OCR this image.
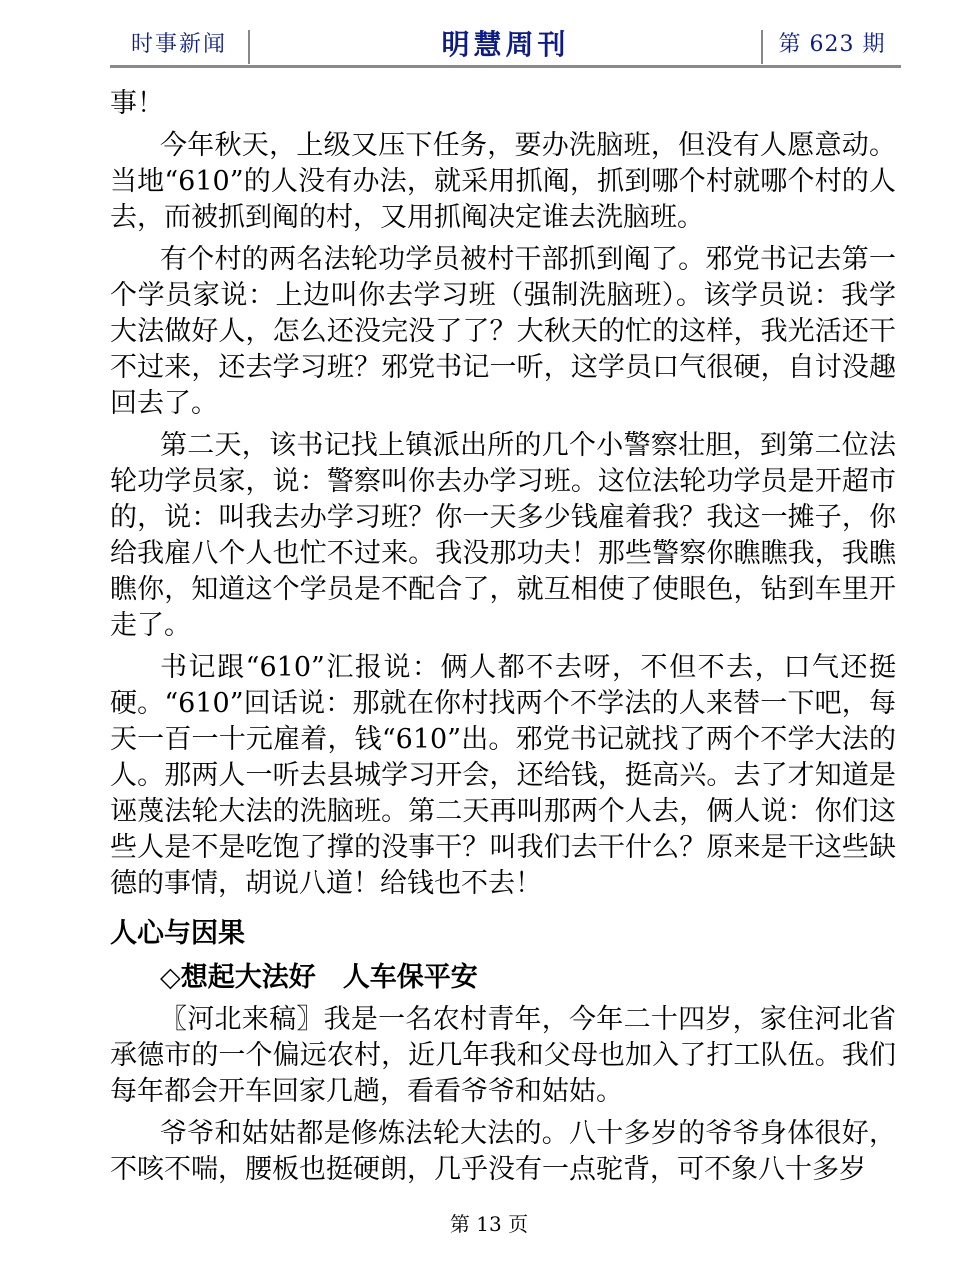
时事新闻	明慧周刊	第 623 期

事！

今年秋天，上级又压下任务，要办洗脑班，但没有人愿意动。当地“610”的人没有办法，就采用抓阄，抓到哪个村就哪个村的人去，而被抓到阄的村，又用抓阄决定谁去洗脑班。

有个村的两名法轮功学员被村干部抓到阄了。邪党书记去第一个学员家说：上边叫你去学习班（强制洗脑班）。该学员说：我学大法做好人，怎么还没完没了了？大秋天的忙的这样，我光活还干不过来，还去学习班？邪党书记一听，这学员口气很硬，自讨没趣回去了。

第二天，该书记找上镇派出所的几个小警察壮胆，到第二位法轮功学员家，说：警察叫你去办学习班。这位法轮功学员是开超市的，说：叫我去办学习班？你一天多少钱雇着我？我这一摊子，你给我雇八个人也忙不过来。我没那功夫！那些警察你瞧瞧我，我瞧瞧你，知道这个学员是不配合了，就互相使了使眼色，钻到车里开走了。

书记跟“610”汇报说：俩人都不去呀，不但不去，口气还挺硬。“610”回话说：那就在你村找两个不学法的人来替一下吧，每天一百一十元雇着，钱“610”出。邪党书记就找了两个不学大法的人。那两人一听去县城学习开会，还给钱，挺高兴。去了才知道是诬蔑法轮大法的洗脑班。第二天再叫那两个人去，俩人说：你们这些人是不是吃饱了撑的没事干？叫我们去干什么？原来是干这些缺德的事情，胡说八道！给钱也不去！

人心与因果
◇想起大法好　人车保平安

〖河北来稿〗我是一名农村青年，今年二十四岁，家住河北省承德市的一个偏远农村，近几年我和父母也加入了打工队伍。我们每年都会开车回家几趟，看看爷爷和姑姑。

爷爷和姑姑都是修炼法轮大法的。八十多岁的爷爷身体很好，不咳不喘，腰板也挺硬朗，几乎没有一点驼背，可不象八十多岁

第 13 页
